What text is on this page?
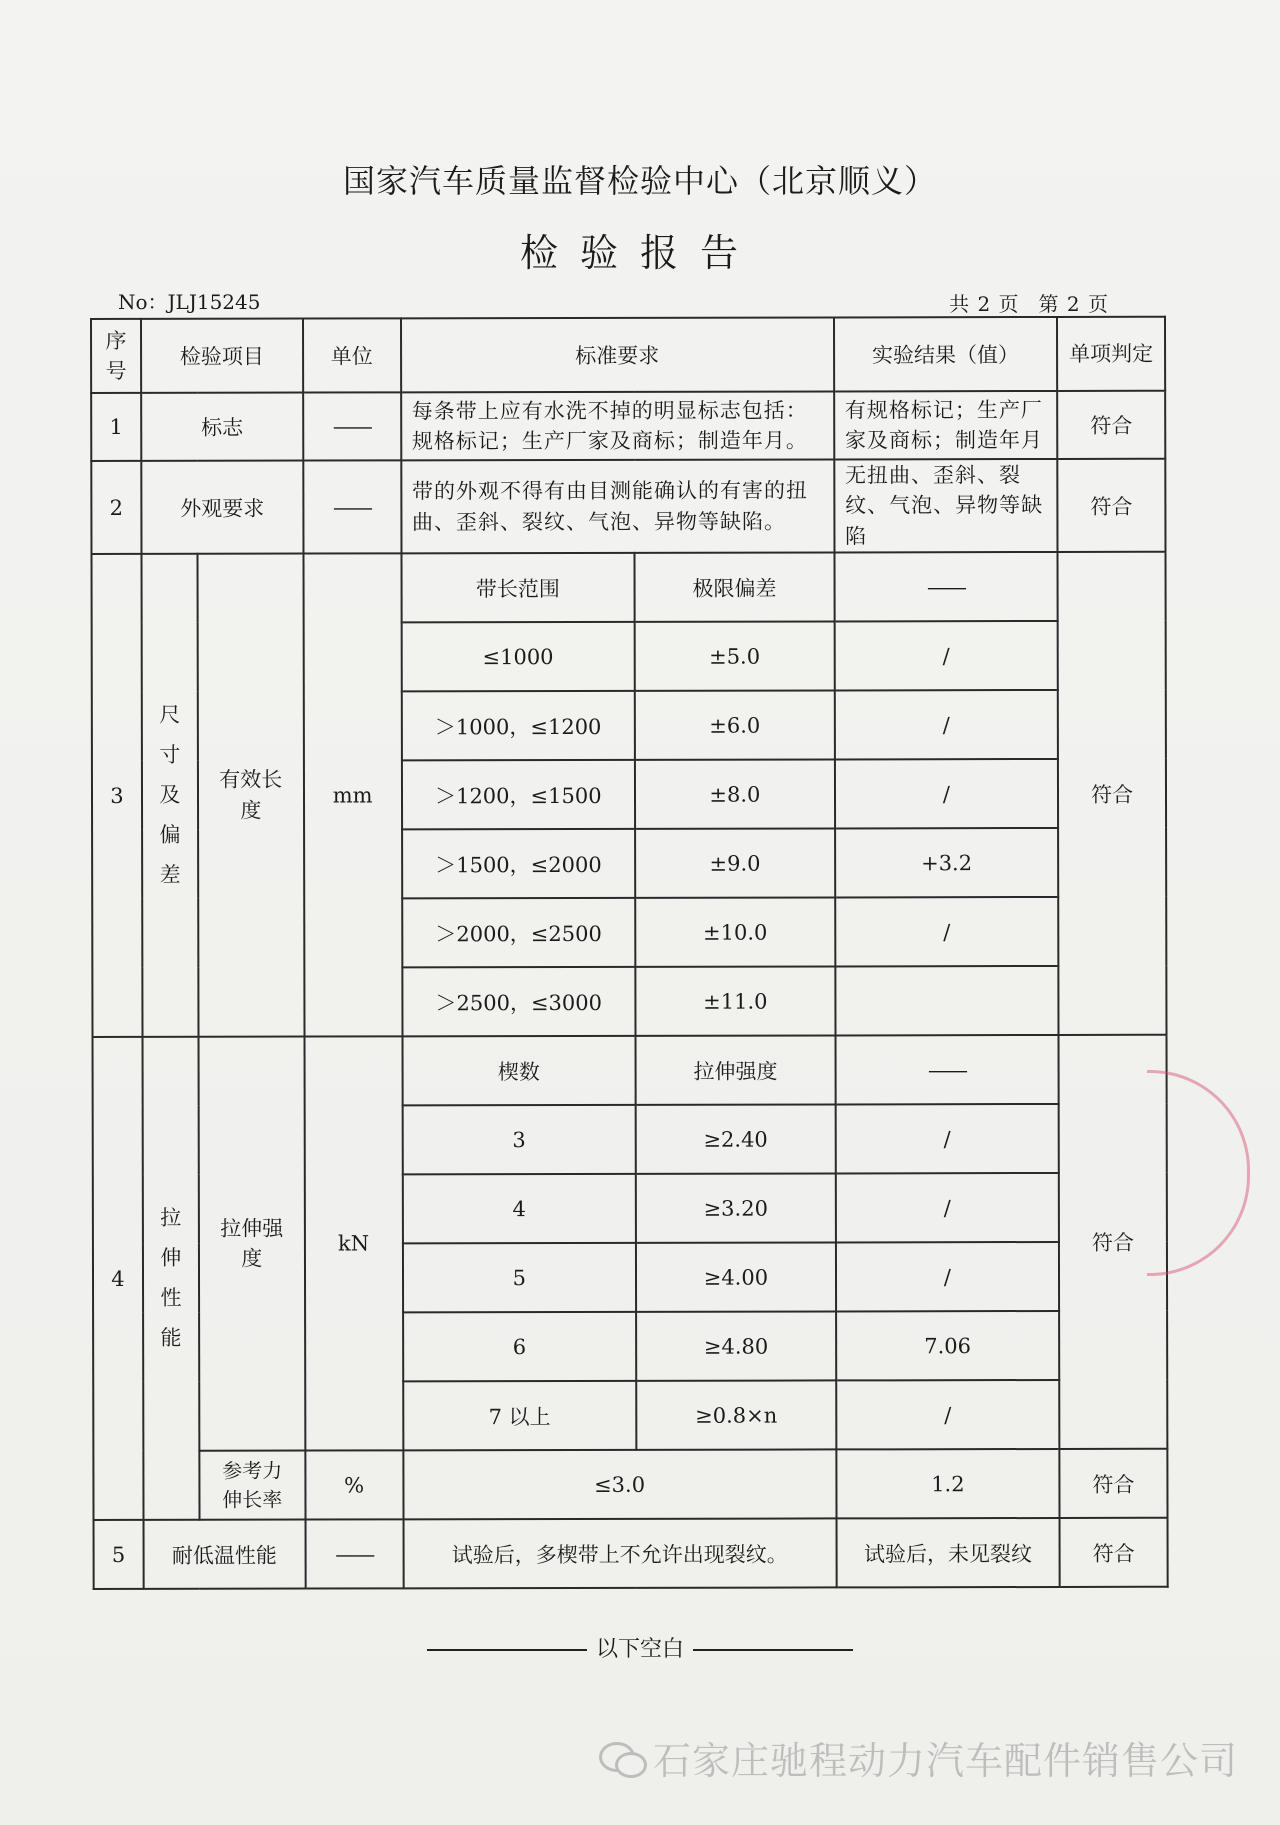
国家汽车质量监督检验中心（北京顺义）
检验报告
No：JLJ15245	共 2 页 第 2 页
序号	检验项目		单位	标准要求		实验结果（值）	单项判定
1	标志		——	每条带上应有水洗不掉的明显标志包括：规格标记；生产厂家及商标；制造年月。		有规格标记；生产厂家及商标；制造年月	符合
2	外观要求		——	带的外观不得有由目测能确认的有害的扭曲、歪斜、裂纹、气泡、异物等缺陷。		无扭曲、歪斜、裂纹、气泡、异物等缺陷	符合
3	尺寸及偏差	有效长度	mm	带长范围	极限偏差	——	符合
				≤1000	±5.0	/	
				＞1000，≤1200	±6.0	/	
				＞1200，≤1500	±8.0	/	
				＞1500，≤2000	±9.0	+3.2	
				＞2000，≤2500	±10.0	/	
				＞2500，≤3000	±11.0		
4	拉伸性能	拉伸强度	kN	楔数	拉伸强度	——	符合
				3	≥2.40	/	
				4	≥3.20	/	
				5	≥4.00	/	
				6	≥4.80	7.06	
				7 以上	≥0.8×n	/	
		参考力伸长率	%	≤3.0		1.2	符合
5	耐低温性能		——	试验后，多楔带上不允许出现裂纹。		试验后，未见裂纹	符合
以下空白
石家庄驰程动力汽车配件销售公司
